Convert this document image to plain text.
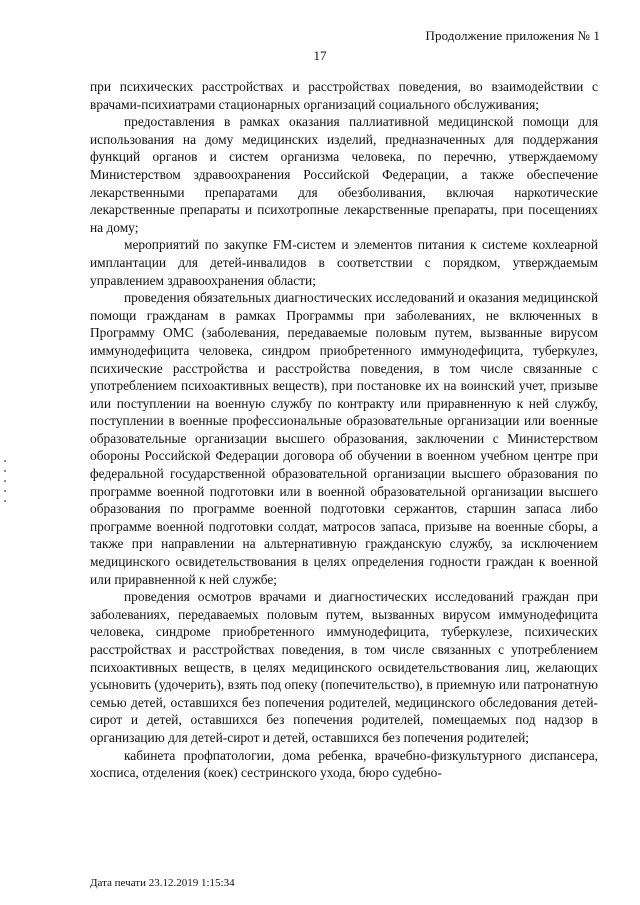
Продолжение приложения № 1
17

при психических расстройствах и расстройствах поведения, во взаимодействии с врачами-психиатрами стационарных организаций социального обслуживания;

предоставления в рамках оказания паллиативной медицинской помощи для использования на дому медицинских изделий, предназначенных для поддержания функций органов и систем организма человека, по перечню, утверждаемому Министерством здравоохранения Российской Федерации, а также обеспечение лекарственными препаратами для обезболивания, включая наркотические лекарственные препараты и психотропные лекарственные препараты, при посещениях на дому;

мероприятий по закупке FM-систем и элементов питания к системе кохлеарной имплантации для детей-инвалидов в соответствии с порядком, утверждаемым управлением здравоохранения области;

проведения обязательных диагностических исследований и оказания медицинской помощи гражданам в рамках Программы при заболеваниях, не включенных в Программу ОМС (заболевания, передаваемые половым путем, вызванные вирусом иммунодефицита человека, синдром приобретенного иммунодефицита, туберкулез, психические расстройства и расстройства поведения, в том числе связанные с употреблением психоактивных веществ), при постановке их на воинский учет, призыве или поступлении на военную службу по контракту или приравненную к ней службу, поступлении в военные профессиональные образовательные организации или военные образовательные организации высшего образования, заключении с Министерством обороны Российской Федерации договора об обучении в военном учебном центре при федеральной государственной образовательной организации высшего образования по программе военной подготовки или в военной образовательной организации высшего образования по программе военной подготовки сержантов, старшин запаса либо программе военной подготовки солдат, матросов запаса, призыве на военные сборы, а также при направлении на альтернативную гражданскую службу, за исключением медицинского освидетельствования в целях определения годности граждан к военной или приравненной к ней службе;

проведения осмотров врачами и диагностических исследований граждан при заболеваниях, передаваемых половым путем, вызванных вирусом иммунодефицита человека, синдроме приобретенного иммунодефицита, туберкулезе, психических расстройствах и расстройствах поведения, в том числе связанных с употреблением психоактивных веществ, в целях медицинского освидетельствования лиц, желающих усыновить (удочерить), взять под опеку (попечительство), в приемную или патронатную семью детей, оставшихся без попечения родителей, медицинского обследования детей-сирот и детей, оставшихся без попечения родителей, помещаемых под надзор в организацию для детей-сирот и детей, оставшихся без попечения родителей;

кабинета профпатологии, дома ребенка, врачебно-физкультурного диспансера, хосписа, отделения (коек) сестринского ухода, бюро судебно-

Дата печати 23.12.2019 1:15:34
